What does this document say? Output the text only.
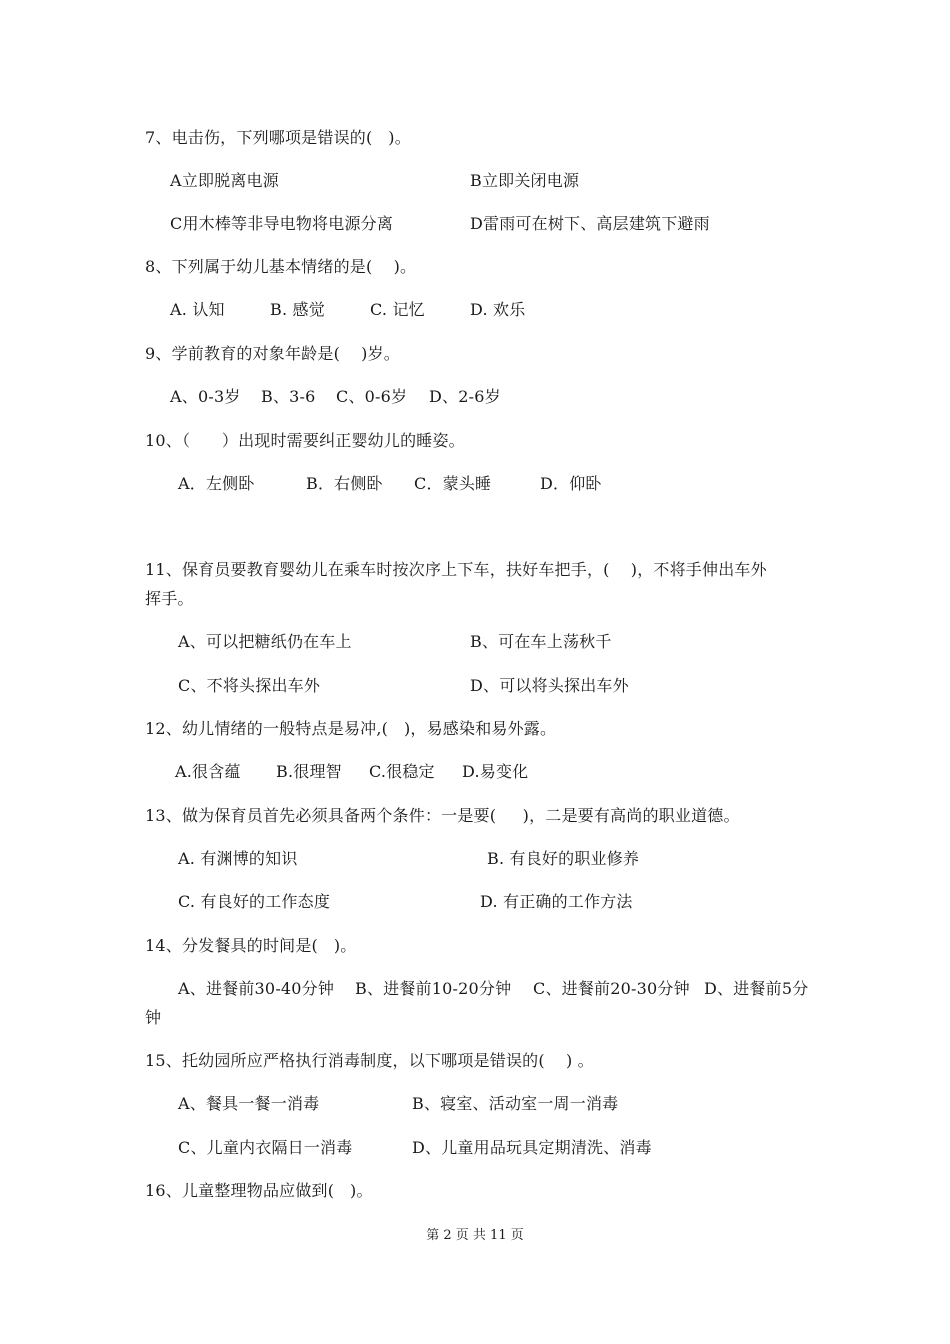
7、电击伤，下列哪项是错误的(   )。
A立即脱离电源	B立即关闭电源
C用木棒等非导电物将电源分离	D雷雨可在树下、高层建筑下避雨
8、下列属于幼儿基本情绪的是(    )。
A. 认知	B. 感觉	C. 记忆	D. 欢乐
9、学前教育的对象年龄是(    )岁。
A、0-3岁 B、3-6 C、0-6岁 D、2-6岁
10、（      ）出现时需要纠正婴幼儿的睡姿。
A．左侧卧	B．右侧卧 C．蒙头睡	D．仰卧
11、保育员要教育婴幼儿在乘车时按次序上下车，扶好车把手，(    )，不将手伸出车外
挥手。
A、可以把糖纸仍在车上	B、可在车上荡秋千
C、不将头探出车外	D、可以将头探出车外
12、幼儿情绪的一般特点是易冲,(   )，易感染和易外露。
A.很含蕴 B.很理智 C.很稳定 D.易变化
13、做为保育员首先必须具备两个条件：一是要(     )，二是要有高尚的职业道德。
A. 有渊博的知识	B. 有良好的职业修养
C. 有良好的工作态度	D. 有正确的工作方法
14、分发餐具的时间是(   )。
A、进餐前30-40分钟 B、进餐前10-20分钟 C、进餐前20-30分钟 D、进餐前5分
钟
15、托幼园所应严格执行消毒制度，以下哪项是错误的(    ) 。
A、餐具一餐一消毒	B、寝室、活动室一周一消毒
C、儿童内衣隔日一消毒	D、儿童用品玩具定期清洗、消毒
16、儿童整理物品应做到(   )。
第 2 页 共 11 页
